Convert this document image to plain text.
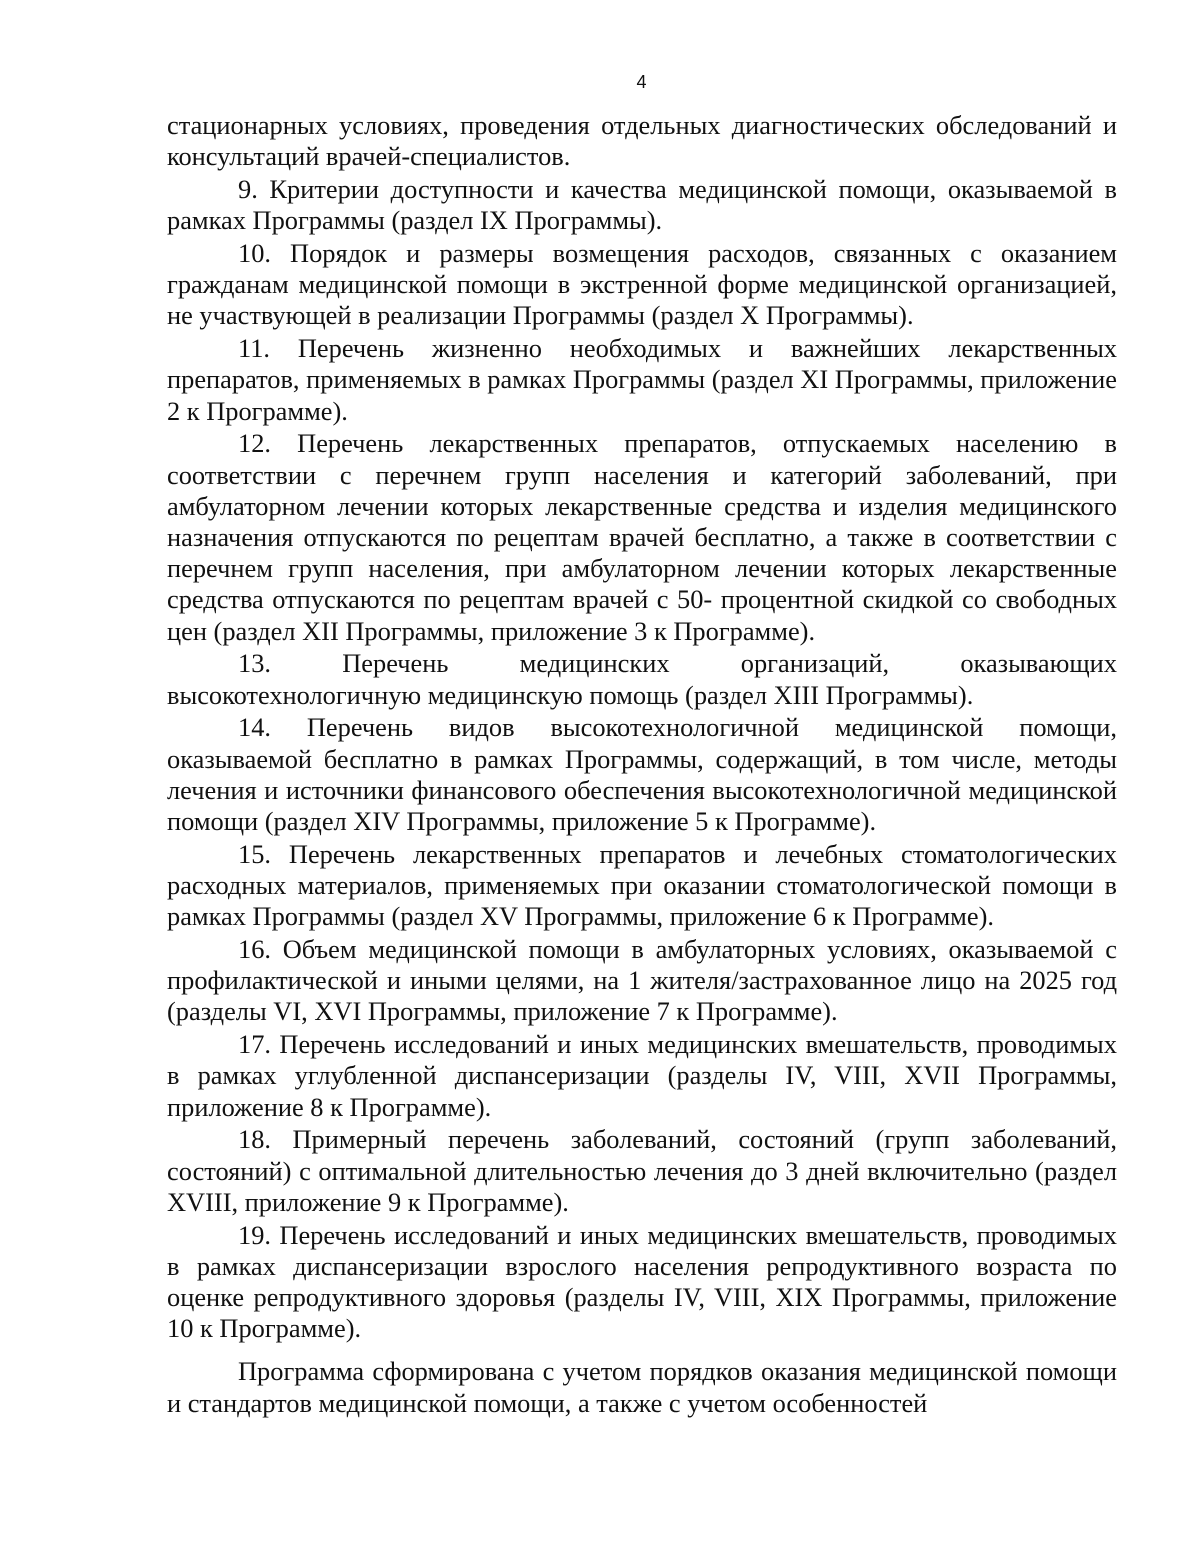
4

стационарных условиях, проведения отдельных диагностических обследований и консультаций врачей-специалистов.

9. Критерии доступности и качества медицинской помощи, оказываемой в рамках Программы (раздел IX Программы).

10. Порядок и размеры возмещения расходов, связанных с оказанием гражданам медицинской помощи в экстренной форме медицинской организацией, не участвующей в реализации Программы (раздел X Программы).

11. Перечень жизненно необходимых и важнейших лекарственных препаратов, применяемых в рамках Программы (раздел XI Программы, приложение 2 к Программе).

12. Перечень лекарственных препаратов, отпускаемых населению в соответствии с перечнем групп населения и категорий заболеваний, при амбулаторном лечении которых лекарственные средства и изделия медицинского назначения отпускаются по рецептам врачей бесплатно, а также в соответствии с перечнем групп населения, при амбулаторном лечении которых лекарственные средства отпускаются по рецептам врачей с 50- процентной скидкой со свободных цен (раздел XII Программы, приложение 3 к Программе).

13. Перечень медицинских организаций, оказывающих высокотехнологичную медицинскую помощь (раздел XIII Программы).

14. Перечень видов высокотехнологичной медицинской помощи, оказываемой бесплатно в рамках Программы, содержащий, в том числе, методы лечения и источники финансового обеспечения высокотехнологичной медицинской помощи (раздел XIV Программы, приложение 5 к Программе).

15. Перечень лекарственных препаратов и лечебных стоматологических расходных материалов, применяемых при оказании стоматологической помощи в рамках Программы (раздел XV Программы, приложение 6 к Программе).

16. Объем медицинской помощи в амбулаторных условиях, оказываемой с профилактической и иными целями, на 1 жителя/застрахованное лицо на 2025 год (разделы VI, XVI Программы, приложение 7 к Программе).

17. Перечень исследований и иных медицинских вмешательств, проводимых в рамках углубленной диспансеризации (разделы IV, VIII, XVII Программы, приложение 8 к Программе).

18. Примерный перечень заболеваний, состояний (групп заболеваний, состояний) с оптимальной длительностью лечения до 3 дней включительно (раздел XVIII, приложение 9 к Программе).

19. Перечень исследований и иных медицинских вмешательств, проводимых в рамках диспансеризации взрослого населения репродуктивного возраста по оценке репродуктивного здоровья (разделы IV, VIII, XIX Программы, приложение 10 к Программе).

Программа сформирована с учетом порядков оказания медицинской помощи и стандартов медицинской помощи, а также с учетом особенностей
